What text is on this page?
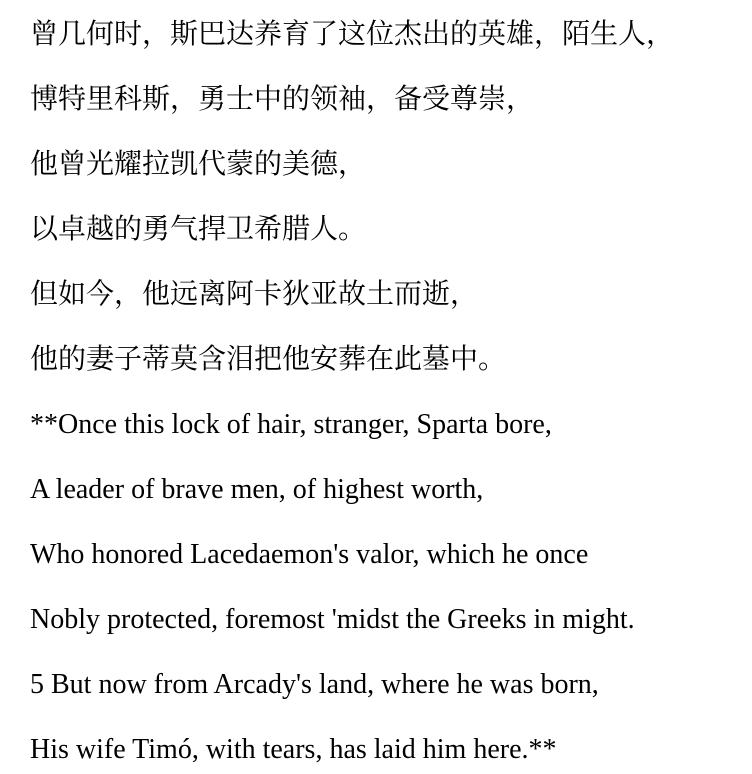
曾几何时，斯巴达养育了这位杰出的英雄，陌生人，

博特里科斯，勇士中的领袖，备受尊崇，

他曾光耀拉凯代蒙的美德，

以卓越的勇气捍卫希腊人。

但如今，他远离阿卡狄亚故土而逝，

他的妻子蒂莫含泪把他安葬在此墓中。

**Once this lock of hair, stranger, Sparta bore,

A leader of brave men, of highest worth,

Who honored Lacedaemon's valor, which he once

Nobly protected, foremost 'midst the Greeks in might.

5 But now from Arcady's land, where he was born,

His wife Timó, with tears, has laid him here.**
